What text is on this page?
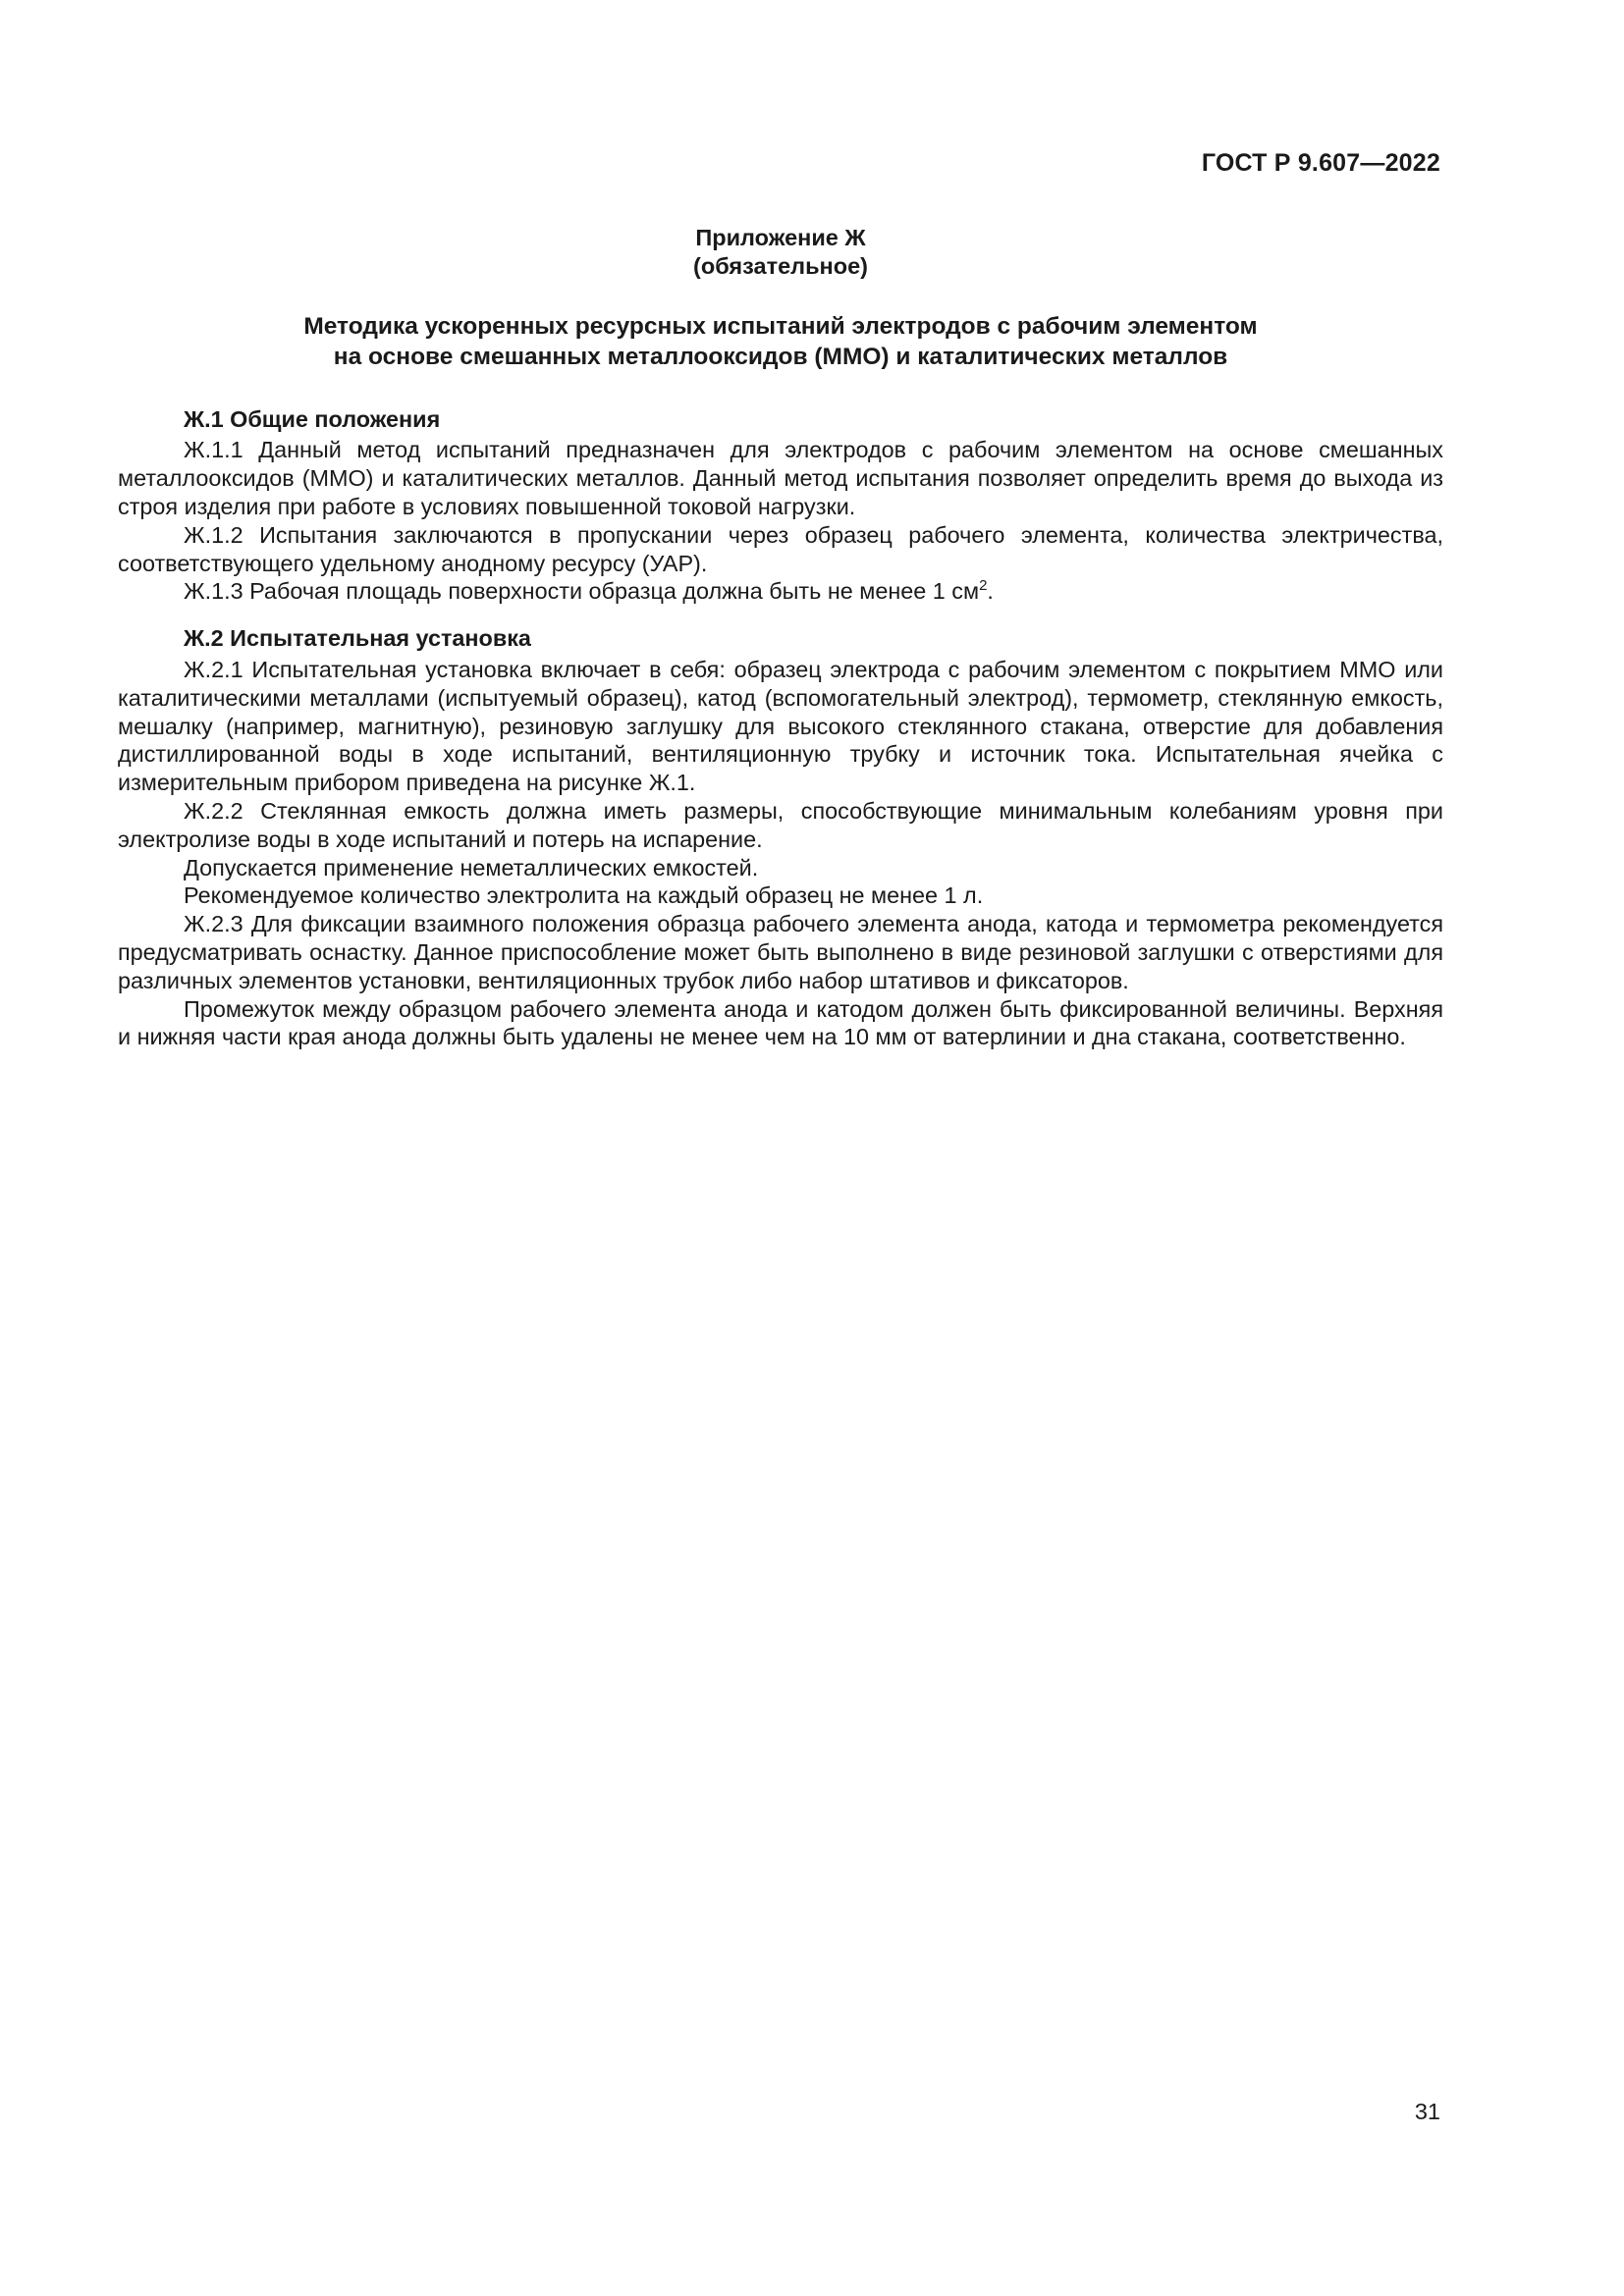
ГОСТ Р 9.607—2022
Приложение Ж
(обязательное)
Методика ускоренных ресурсных испытаний электродов с рабочим элементом
на основе смешанных металлооксидов (ММО) и каталитических металлов
Ж.1 Общие положения

Ж.1.1 Данный метод испытаний предназначен для электродов с рабочим элементом на основе смешанных металлооксидов (ММО) и каталитических металлов. Данный метод испытания позволяет определить время до выхода из строя изделия при работе в условиях повышенной токовой нагрузки.

Ж.1.2 Испытания заключаются в пропускании через образец рабочего элемента, количества электричества, соответствующего удельному анодному ресурсу (УАР).

Ж.1.3 Рабочая площадь поверхности образца должна быть не менее 1 $см^2$.

Ж.2 Испытательная установка

Ж.2.1 Испытательная установка включает в себя: образец электрода с рабочим элементом с покрытием ММО или каталитическими металлами (испытуемый образец), катод (вспомогательный электрод), термометр, стеклянную емкость, мешалку (например, магнитную), резиновую заглушку для высокого стеклянного стакана, отверстие для добавления дистиллированной воды в ходе испытаний, вентиляционную трубку и источник тока. Испытательная ячейка с измерительным прибором приведена на рисунке Ж.1.

Ж.2.2 Стеклянная емкость должна иметь размеры, способствующие минимальным колебаниям уровня при электролизе воды в ходе испытаний и потерь на испарение.

Допускается применение неметаллических емкостей.

Рекомендуемое количество электролита на каждый образец не менее 1 л.

Ж.2.3 Для фиксации взаимного положения образца рабочего элемента анода, катода и термометра рекомендуется предусматривать оснастку. Данное приспособление может быть выполнено в виде резиновой заглушки с отверстиями для различных элементов установки, вентиляционных трубок либо набор штативов и фиксаторов.

Промежуток между образцом рабочего элемента анода и катодом должен быть фиксированной величины. Верхняя и нижняя части края анода должны быть удалены не менее чем на 10 мм от ватерлинии и дна стакана, соответственно.

31
